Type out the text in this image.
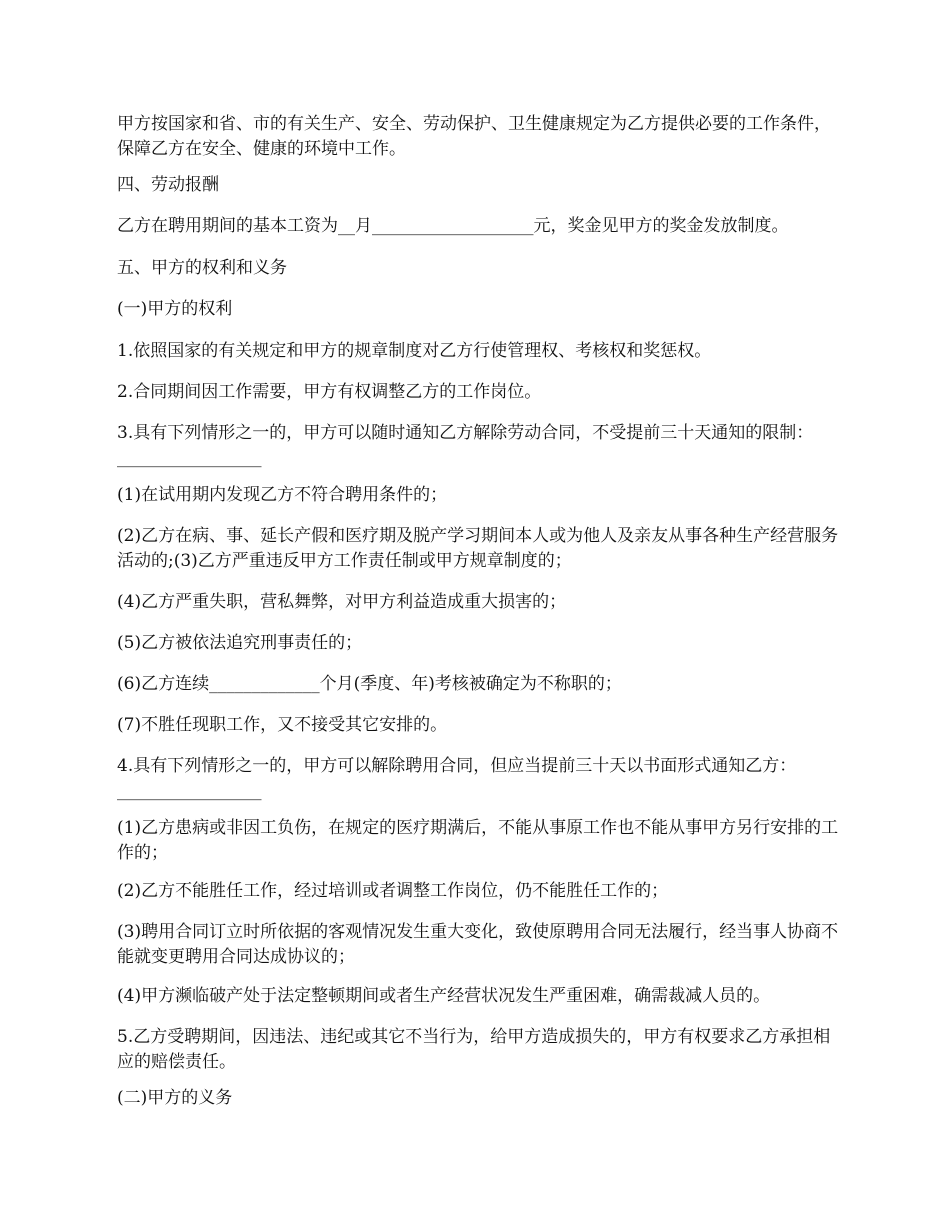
甲方按国家和省、市的有关生产、安全、劳动保护、卫生健康规定为乙方提供必要的工作条件，保障乙方在安全、健康的环境中工作。

四、劳动报酬

乙方在聘用期间的基本工资为__月___________________元，奖金见甲方的奖金发放制度。

五、甲方的权利和义务

(一)甲方的权利

1.依照国家的有关规定和甲方的规章制度对乙方行使管理权、考核权和奖惩权。

2.合同期间因工作需要，甲方有权调整乙方的工作岗位。

3.具有下列情形之一的，甲方可以随时通知乙方解除劳动合同，不受提前三十天通知的限制：_________________

(1)在试用期内发现乙方不符合聘用条件的；

(2)乙方在病、事、延长产假和医疗期及脱产学习期间本人或为他人及亲友从事各种生产经营服务活动的;(3)乙方严重违反甲方工作责任制或甲方规章制度的；

(4)乙方严重失职，营私舞弊，对甲方利益造成重大损害的；

(5)乙方被依法追究刑事责任的；

(6)乙方连续_____________个月(季度、年)考核被确定为不称职的；

(7)不胜任现职工作，又不接受其它安排的。

4.具有下列情形之一的，甲方可以解除聘用合同，但应当提前三十天以书面形式通知乙方：_________________

(1)乙方患病或非因工负伤，在规定的医疗期满后，不能从事原工作也不能从事甲方另行安排的工作的；

(2)乙方不能胜任工作，经过培训或者调整工作岗位，仍不能胜任工作的；

(3)聘用合同订立时所依据的客观情况发生重大变化，致使原聘用合同无法履行，经当事人协商不能就变更聘用合同达成协议的；

(4)甲方濒临破产处于法定整顿期间或者生产经营状况发生严重困难，确需裁减人员的。

5.乙方受聘期间，因违法、违纪或其它不当行为，给甲方造成损失的，甲方有权要求乙方承担相应的赔偿责任。

(二)甲方的义务
